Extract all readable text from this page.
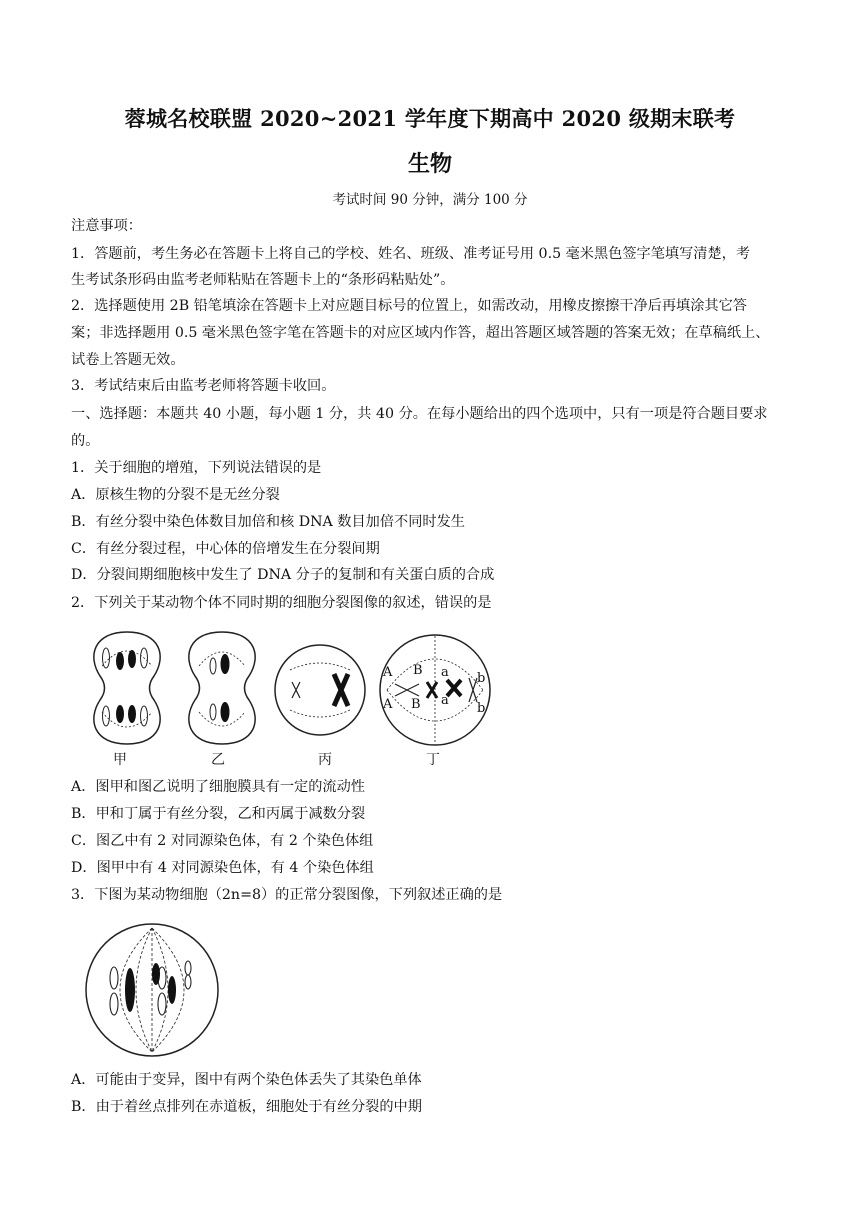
蓉城名校联盟 2020~2021 学年度下期高中 2020 级期末联考
生物
考试时间 90 分钟，满分 100 分
注意事项：
1．答题前，考生务必在答题卡上将自己的学校、姓名、班级、准考证号用 0.5 毫米黑色签字笔填写清楚，考
生考试条形码由监考老师粘贴在答题卡上的“条形码粘贴处”。
2．选择题使用 2B 铅笔填涂在答题卡上对应题目标号的位置上，如需改动，用橡皮擦擦干净后再填涂其它答
案；非选择题用 0.5 毫米黑色签字笔在答题卡的对应区域内作答，超出答题区域答题的答案无效；在草稿纸上、
试卷上答题无效。
3．考试结束后由监考老师将答题卡收回。
一、选择题：本题共 40 小题，每小题 1 分，共 40 分。在每小题给出的四个选项中，只有一项是符合题目要求
的。
1．关于细胞的增殖，下列说法错误的是
A．原核生物的分裂不是无丝分裂
B．有丝分裂中染色体数目加倍和核 DNA 数目加倍不同时发生
C．有丝分裂过程，中心体的倍增发生在分裂间期
D．分裂间期细胞核中发生了 DNA 分子的复制和有关蛋白质的合成
2．下列关于某动物个体不同时期的细胞分裂图像的叙述，错误的是
A B
A B
a
a
b
b
甲	乙	丙	丁
A．图甲和图乙说明了细胞膜具有一定的流动性
B．甲和丁属于有丝分裂，乙和丙属于减数分裂
C．图乙中有 2 对同源染色体，有 2 个染色体组
D．图甲中有 4 对同源染色体，有 4 个染色体组
3．下图为某动物细胞（2n=8）的正常分裂图像，下列叙述正确的是
A．可能由于变异，图中有两个染色体丢失了其染色单体
B．由于着丝点排列在赤道板，细胞处于有丝分裂的中期
